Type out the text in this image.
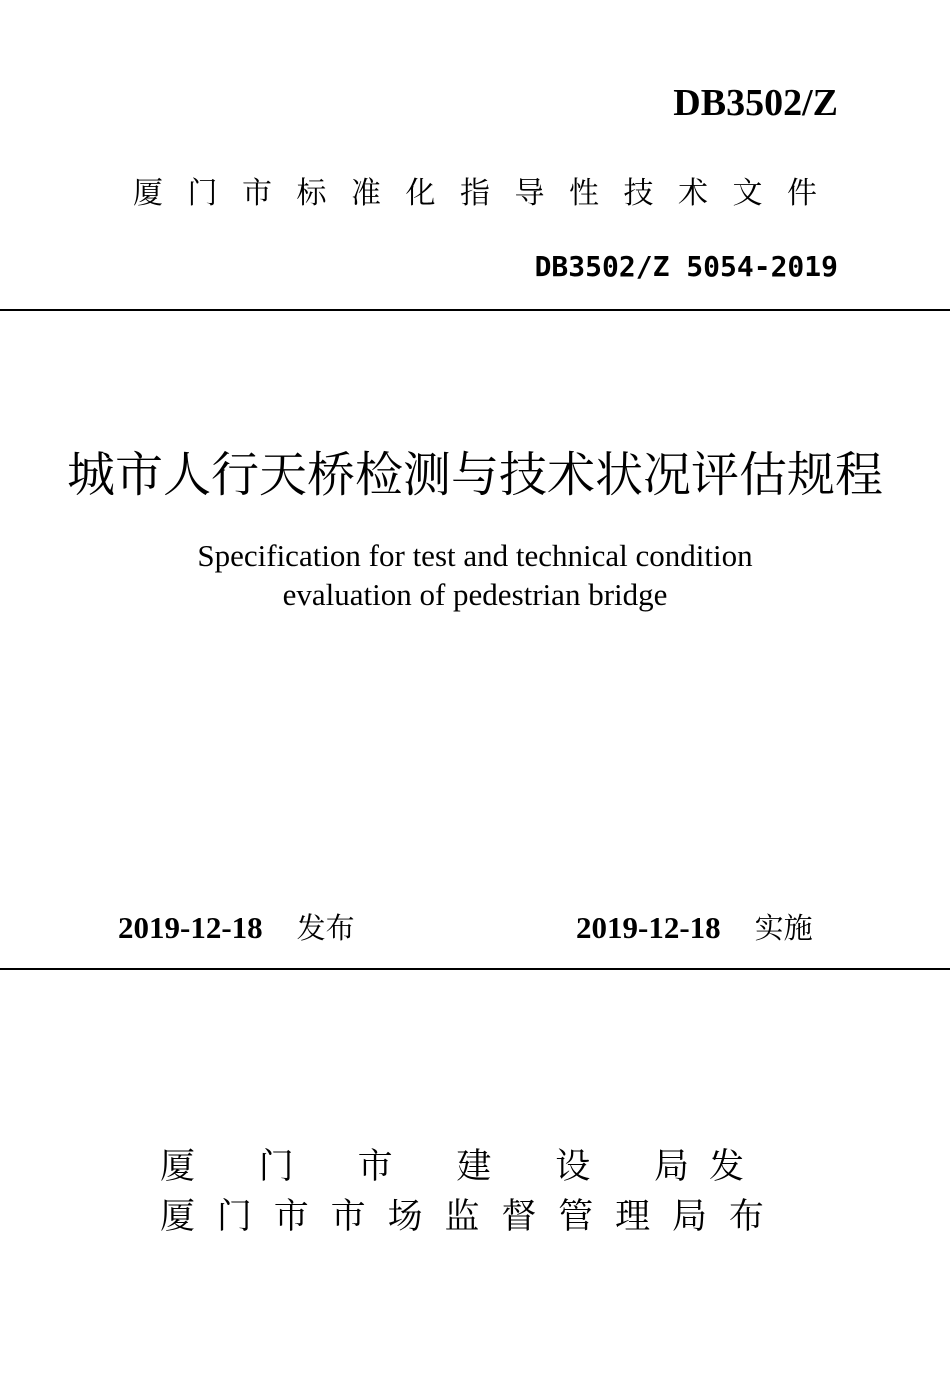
DB3502/Z
厦 门 市 标 准 化 指 导 性 技 术 文 件
DB3502/Z 5054-2019
城市人行天桥检测与技术状况评估规程
Specification for test and technical condition
evaluation of pedestrian bridge
2019-12-18 发布	2019-12-18 实施
厦 门 市 建 设 局发
厦 门 市 市 场 监 督 管 理 局 布
